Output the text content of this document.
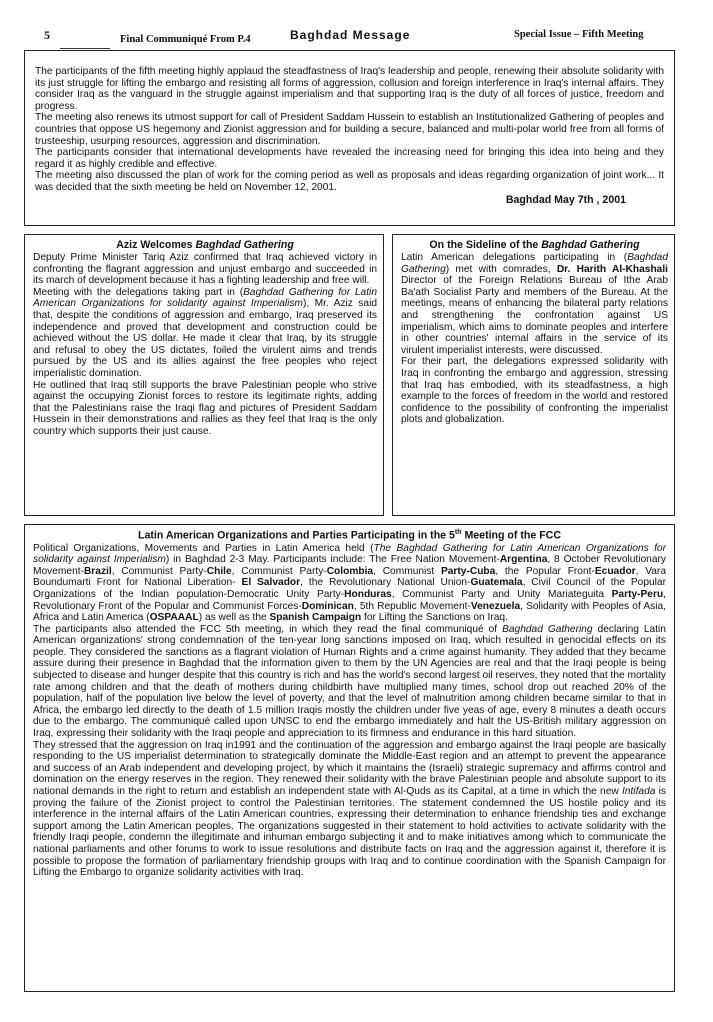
5	Final Communiqué From P.4	Baghdad Message	Special Issue – Fifth Meeting

The participants of the fifth meeting highly applaud the steadfastness of Iraq's leadership and people, renewing their absolute solidarity with its just struggle for lifting the embargo and resisting all forms of aggression, collusion and foreign interference in Iraq's internal affairs. They consider Iraq as the vanguard in the struggle against imperialism and that supporting Iraq is the duty of all forces of justice, freedom and progress.

The meeting also renews its utmost support for call of President Saddam Hussein to establish an Institutionalized Gathering of peoples and countries that oppose US hegemony and Zionist aggression and for building a secure, balanced and multi-polar world free from all forms of trusteeship, usurping resources, aggression and discrimination.

The participants consider that international developments have revealed the increasing need for bringing this idea into being and they regard it as highly credible and effective.

The meeting also discussed the plan of work for the coming period as well as proposals and ideas regarding organization of joint work... It was decided that the sixth meeting be held on November 12, 2001.

Baghdad May 7th , 2001
Aziz Welcomes Baghdad Gathering

Deputy Prime Minister Tariq Aziz confirmed that Iraq achieved victory in confronting the flagrant aggression and unjust embargo and succeeded in its march of development because it has a fighting leadership and free will.

Meeting with the delegations taking part in (Baghdad Gathering for Latin American Organizations for solidarity against Imperialism), Mr. Aziz said that, despite the conditions of aggression and embargo, Iraq preserved its independence and proved that development and construction could be achieved without the US dollar. He made it clear that Iraq, by its struggle and refusal to obey the US dictates, foiled the virulent aims and trends pursued by the US and its allies against the free peoples who reject imperialistic domination.

He outlined that Iraq still supports the brave Palestinian people who strive against the occupying Zionist forces to restore its legitimate rights, adding that the Palestinians raise the Iraqi flag and pictures of President Saddam Hussein in their demonstrations and rallies as they feel that Iraq is the only country which supports their just cause.

On the Sideline of the Baghdad Gathering

Latin American delegations participating in (Baghdad Gathering) met with comrades, Dr. Harith Al-Khashali Director of the Foreign Relations Bureau of Ithe Arab Ba'ath Socialist Party and members of the Bureau. At the meetings, means of enhancing the bilateral party relations and strengthening the confrontation against US imperialism, which aims to dominate peoples and interfere in other countries' internal affairs in the service of its virulent imperialist interests, were discussed.

For their part, the delegations expressed solidarity with Iraq in confronting the embargo and aggression, stressing that Iraq has embodied, with its steadfastness, a high example to the forces of freedom in the world and restored confidence to the possibility of confronting the imperialist plots and globalization.

Latin American Organizations and Parties Participating in the 5th Meeting of the FCC

Political Organizations, Movements and Parties in Latin America held (The Baghdad Gathering for Latin American Organizations for solidarity against Imperialism) in Baghdad 2-3 May. Participants include: The Free Nation Movement-Argentina, 8 October Revolutionary Movement-Brazil, Communist Party-Chile, Communist Party-Colombia, Communist Party-Cuba, the Popular Front-Ecuador, Vara Boundumarti Front for National Liberation- El Salvador, the Revolutionary National Union-Guatemala, Civil Council of the Popular Organizations of the Indian population-Democratic Unity Party-Honduras, Communist Party and Unity Mariateguita Party-Peru, Revolutionary Front of the Popular and Communist Forces-Dominican, 5th Republic Movement-Venezuela, Solidarity with Peoples of Asia, Africa and Latin America (OSPAAAL) as well as the Spanish Campaign for Lifting the Sanctions on Iraq.

The participants also attended the FCC 5th meeting, in which they read the final communiqué of Baghdad Gathering declaring Latin American organizations' strong condemnation of the ten-year long sanctions imposed on Iraq, which resulted in genocidal effects on its people. They considered the sanctions as a flagrant violation of Human Rights and a crime against humanity. They added that they became assure during their presence in Baghdad that the information given to them by the UN Agencies are real and that the Iraqi people is being subjected to disease and hunger despite that this country is rich and has the world's second largest oil reserves, they noted that the mortality rate among children and that the death of mothers during childbirth have multiplied many times, school drop out reached 20% of the population, half of the population live below the level of poverty, and that the level of malnutrition among children became similar to that in Africa, the embargo led directly to the death of 1.5 million Iraqis mostly the children under five yeas of age, every 8 minutes a death occurs due to the embargo. The communiqué called upon UNSC to end the embargo immediately and halt the US-British military aggression on Iraq, expressing their solidarity with the Iraqi people and appreciation to its firmness and endurance in this hard situation.

They stressed that the aggression on Iraq in1991 and the continuation of the aggression and embargo against the Iraqi people are basically responding to the US imperialist determination to strategically dominate the Middle-East region and an attempt to prevent the appearance and success of an Arab independent and developing project, by which it maintains the (Israeli) strategic supremacy and affirms control and domination on the energy reserves in the region. They renewed their solidarity with the brave Palestinian people and absolute support to its national demands in the right to return and establish an independent state with Al-Quds as its Capital, at a time in which the new Intifada is proving the failure of the Zionist project to control the Palestinian territories. The statement condemned the US hostile policy and its interference in the internal affairs of the Latin American countries, expressing their determination to enhance friendship ties and exchange support among the Latin American peoples. The organizations suggested in their statement to hold activities to activate solidarity with the friendly Iraqi people, condemn the illegitimate and inhuman embargo subjecting it and to make initiatives among which to communicate the national parliaments and other forums to work to issue resolutions and distribute facts on Iraq and the aggression against it, therefore it is possible to propose the formation of parliamentary friendship groups with Iraq and to continue coordination with the Spanish Campaign for Lifting the Embargo to organize solidarity activities with Iraq.
